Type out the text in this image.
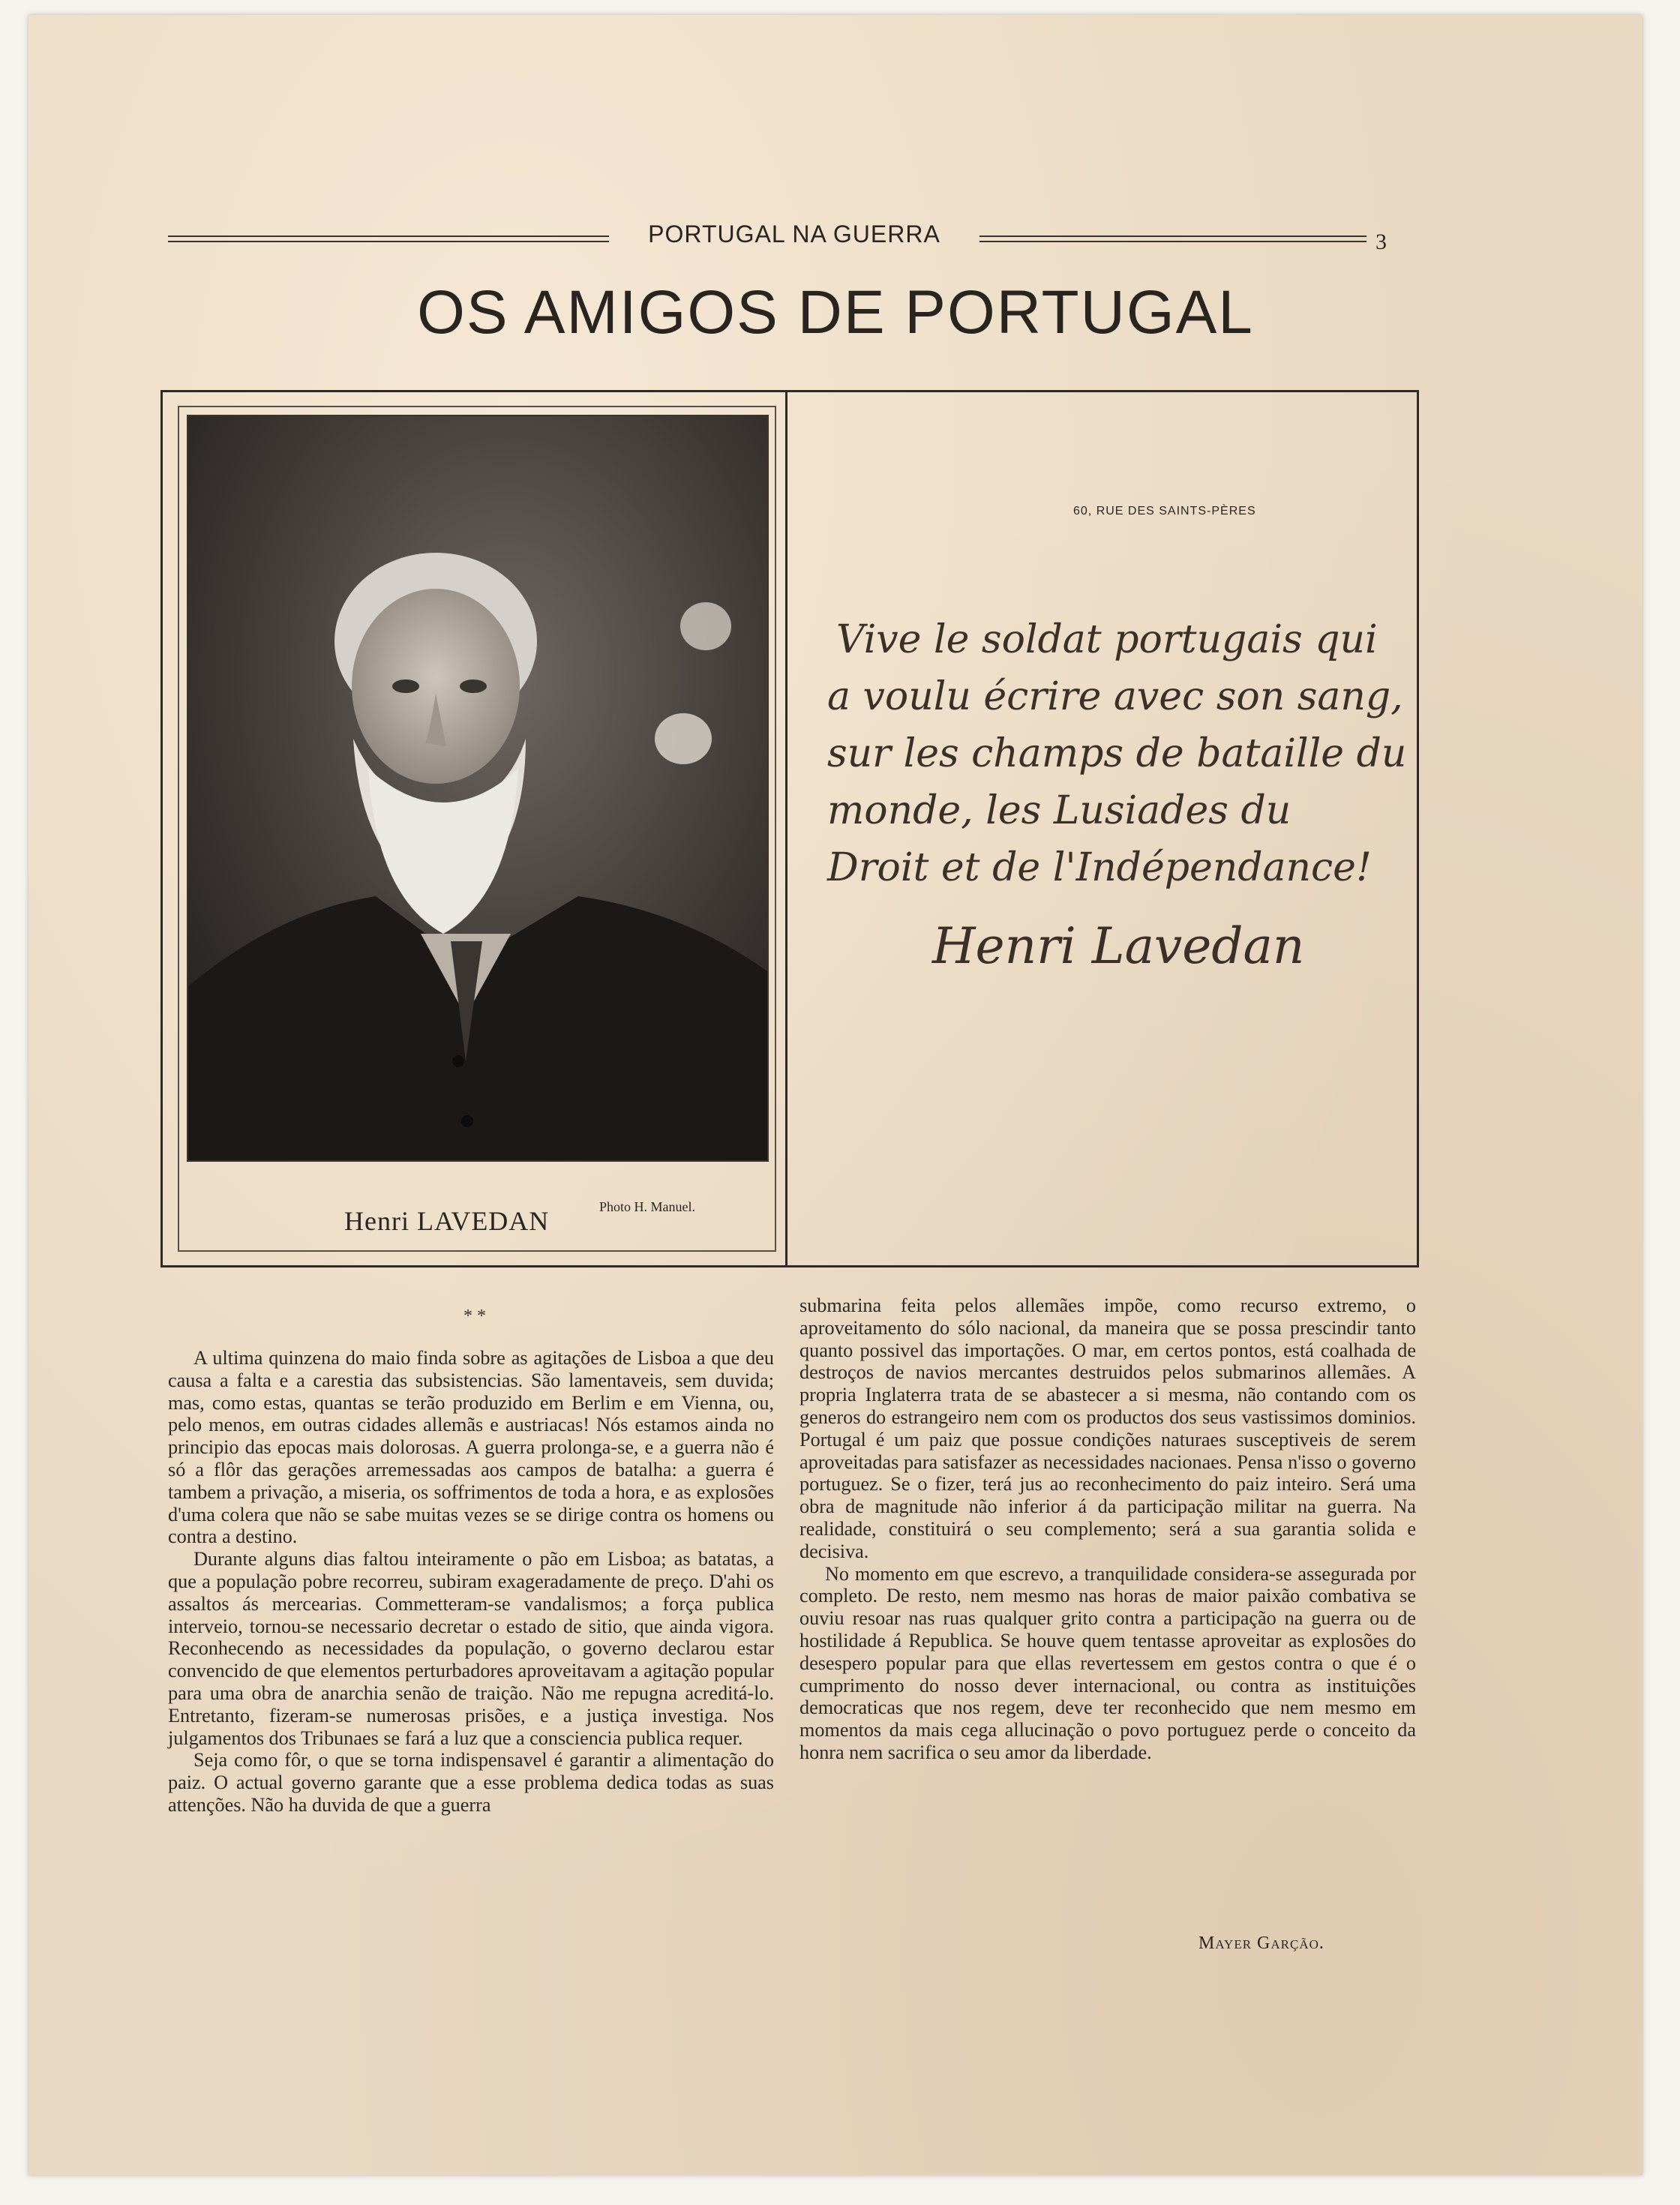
PORTUGAL NA GUERRA	3
OS AMIGOS DE PORTUGAL
Henri LAVEDAN	Photo H. Manuel.
60, RUE DES SAINTS-PÈRES
Vive le soldat portugais qui
a voulu écrire avec son sang,
sur les champs de bataille du
monde, les Lusiades du
Droit et de l'Indépendance!
Henri Lavedan
* *

A ultima quinzena do maio finda sobre as agitações de Lisboa a que deu causa a falta e a carestia das subsistencias. São lamentaveis, sem duvida; mas, como estas, quantas se terão produzido em Berlim e em Vienna, ou, pelo menos, em outras cidades allemãs e austriacas! Nós estamos ainda no principio das epocas mais dolorosas. A guerra prolonga-se, e a guerra não é só a flôr das gerações arremessadas aos campos de batalha: a guerra é tambem a privação, a miseria, os soffrimentos de toda a hora, e as explosões d'uma colera que não se sabe muitas vezes se se dirige contra os homens ou contra a destino.

Durante alguns dias faltou inteiramente o pão em Lisboa; as batatas, a que a população pobre recorreu, subiram exageradamente de preço. D'ahi os assaltos ás mercearias. Commetteram-se vandalismos; a força publica interveio, tornou-se necessario decretar o estado de sitio, que ainda vigora. Reconhecendo as necessidades da população, o governo declarou estar convencido de que elementos perturbadores aproveitavam a agitação popular para uma obra de anarchia senão de traição. Não me repugna acreditá-lo. Entretanto, fizeram-se numerosas prisões, e a justiça investiga. Nos julgamentos dos Tribunaes se fará a luz que a consciencia publica requer.

Seja como fôr, o que se torna indispensavel é garantir a alimentação do paiz. O actual governo garante que a esse problema dedica todas as suas attenções. Não ha duvida de que a guerra

submarina feita pelos allemães impõe, como recurso extremo, o aproveitamento do sólo nacional, da maneira que se possa prescindir tanto quanto possivel das importações. O mar, em certos pontos, está coalhada de destroços de navios mercantes destruidos pelos submarinos allemães. A propria Inglaterra trata de se abastecer a si mesma, não contando com os generos do estrangeiro nem com os productos dos seus vastissimos dominios. Portugal é um paiz que possue condições naturaes susceptiveis de serem aproveitadas para satisfazer as necessidades nacionaes. Pensa n'isso o governo portuguez. Se o fizer, terá jus ao reconhecimento do paiz inteiro. Será uma obra de magnitude não inferior á da participação militar na guerra. Na realidade, constituirá o seu complemento; será a sua garantia solida e decisiva.

No momento em que escrevo, a tranquilidade considera-se assegurada por completo. De resto, nem mesmo nas horas de maior paixão combativa se ouviu resoar nas ruas qualquer grito contra a participação na guerra ou de hostilidade á Republica. Se houve quem tentasse aproveitar as explosões do desespero popular para que ellas revertessem em gestos contra o que é o cumprimento do nosso dever internacional, ou contra as instituições democraticas que nos regem, deve ter reconhecido que nem mesmo em momentos da mais cega allucinação o povo portuguez perde o conceito da honra nem sacrifica o seu amor da liberdade.

Mayer Garção.
